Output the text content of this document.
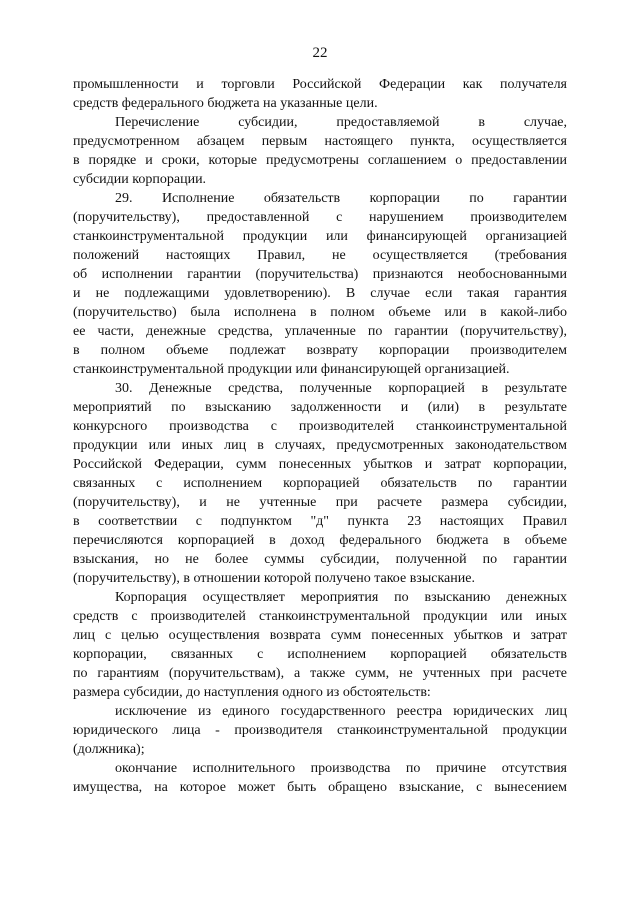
22
промышленности и торговли Российской Федерации как получателя
средств федерального бюджета на указанные цели.
Перечисление субсидии, предоставляемой в случае,
предусмотренном абзацем первым настоящего пункта, осуществляется
в порядке и сроки, которые предусмотрены соглашением о предоставлении
субсидии корпорации.
29. Исполнение обязательств корпорации по гарантии
(поручительству), предоставленной с нарушением производителем
станкоинструментальной продукции или финансирующей организацией
положений настоящих Правил, не осуществляется (требования
об исполнении гарантии (поручительства) признаются необоснованными
и не подлежащими удовлетворению). В случае если такая гарантия
(поручительство) была исполнена в полном объеме или в какой-либо
ее части, денежные средства, уплаченные по гарантии (поручительству),
в полном объеме подлежат возврату корпорации производителем
станкоинструментальной продукции или финансирующей организацией.
30. Денежные средства, полученные корпорацией в результате
мероприятий по взысканию задолженности и (или) в результате
конкурсного производства с производителей станкоинструментальной
продукции или иных лиц в случаях, предусмотренных законодательством
Российской Федерации, сумм понесенных убытков и затрат корпорации,
связанных с исполнением корпорацией обязательств по гарантии
(поручительству), и не учтенные при расчете размера субсидии,
в соответствии с подпунктом "д" пункта 23 настоящих Правил
перечисляются корпорацией в доход федерального бюджета в объеме
взыскания, но не более суммы субсидии, полученной по гарантии
(поручительству), в отношении которой получено такое взыскание.
Корпорация осуществляет мероприятия по взысканию денежных
средств с производителей станкоинструментальной продукции или иных
лиц с целью осуществления возврата сумм понесенных убытков и затрат
корпорации, связанных с исполнением корпорацией обязательств
по гарантиям (поручительствам), а также сумм, не учтенных при расчете
размера субсидии, до наступления одного из обстоятельств:
исключение из единого государственного реестра юридических лиц
юридического лица - производителя станкоинструментальной продукции
(должника);
окончание исполнительного производства по причине отсутствия
имущества, на которое может быть обращено взыскание, с вынесением
